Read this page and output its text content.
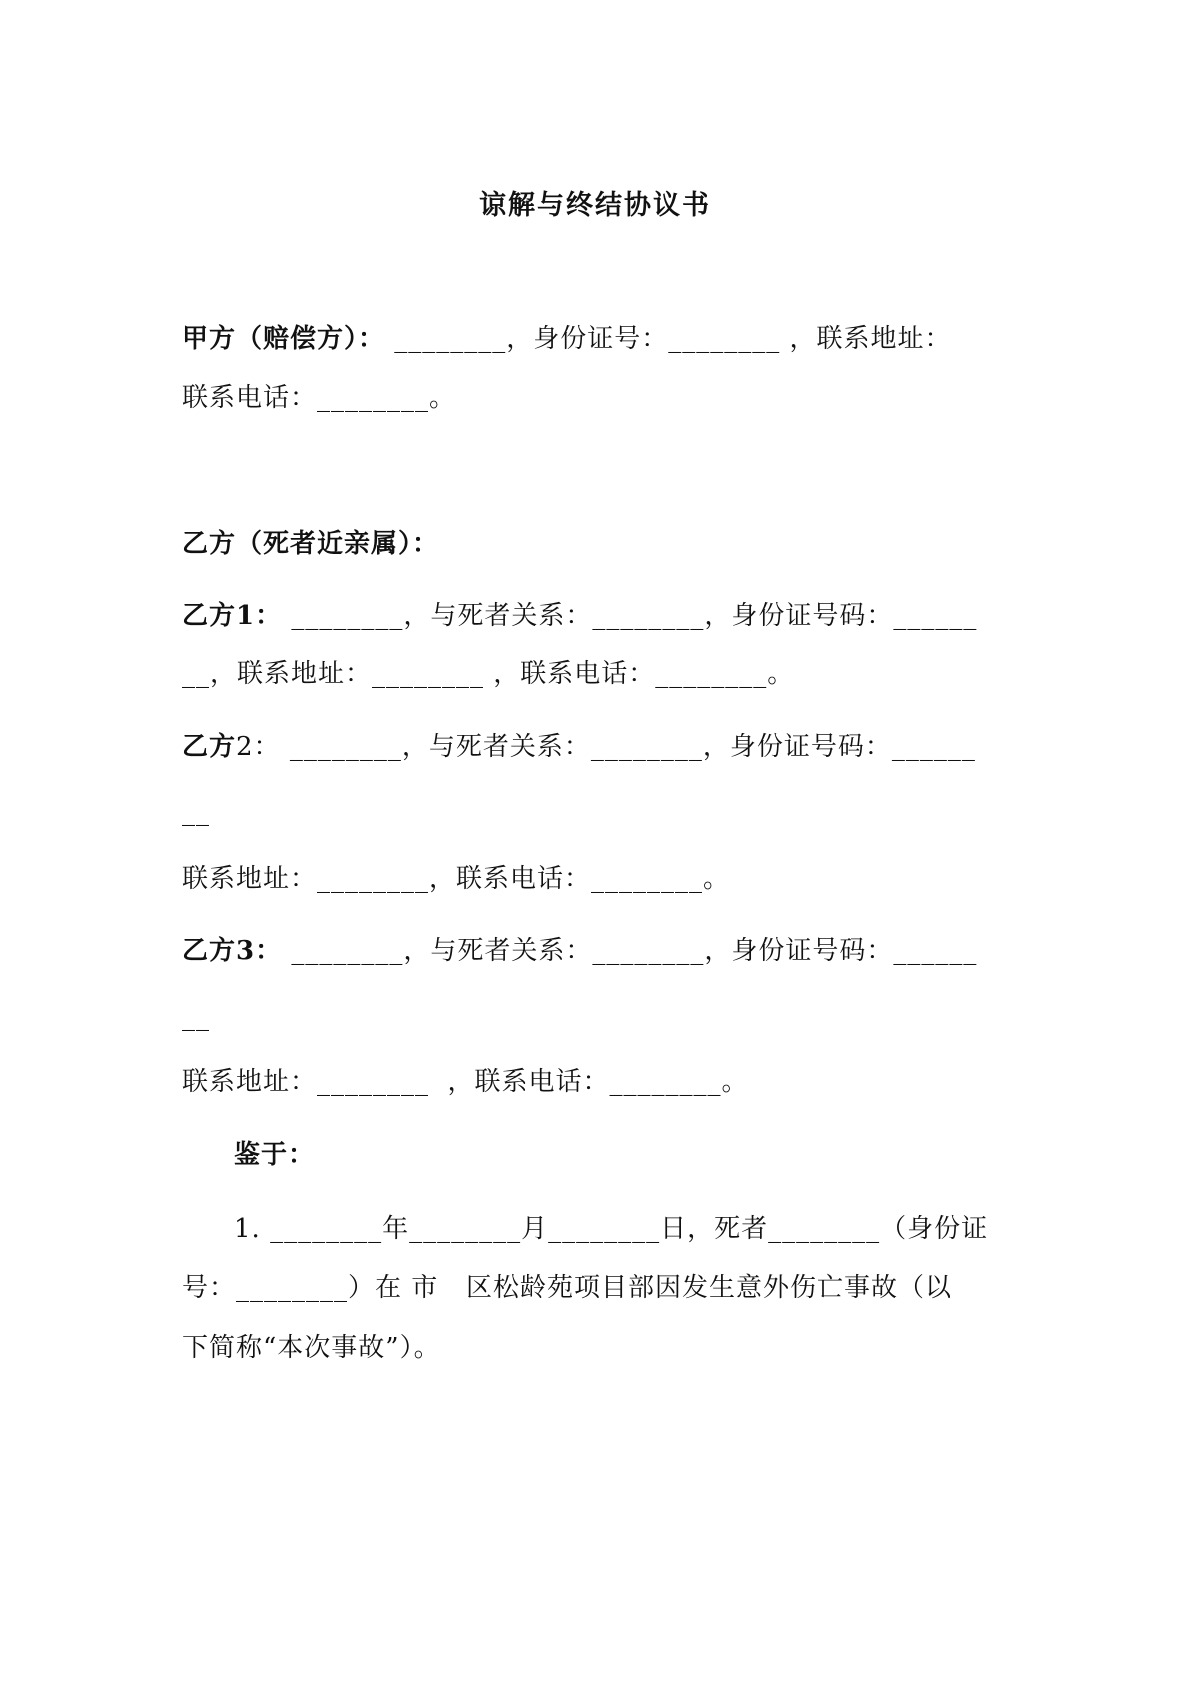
谅解与终结协议书

甲方（赔偿方）： ________，身份证号：________ ，联系地址：

联系电话：________。

乙方（死者近亲属）：

乙方1： ________，与死者关系：________，身份证号码：______

__，联系地址：________ ，联系电话：________。

乙方2： ________，与死者关系：________，身份证号码：______

__

联系地址：________，联系电话：________。

乙方3： ________，与死者关系：________，身份证号码：______

__

联系地址：________  ，联系电话：________。

鉴于：

1. ________年________月________日，死者________（身份证

号：________）在 市   区松龄苑项目部因发生意外伤亡事故（以

下简称“本次事故”）。
